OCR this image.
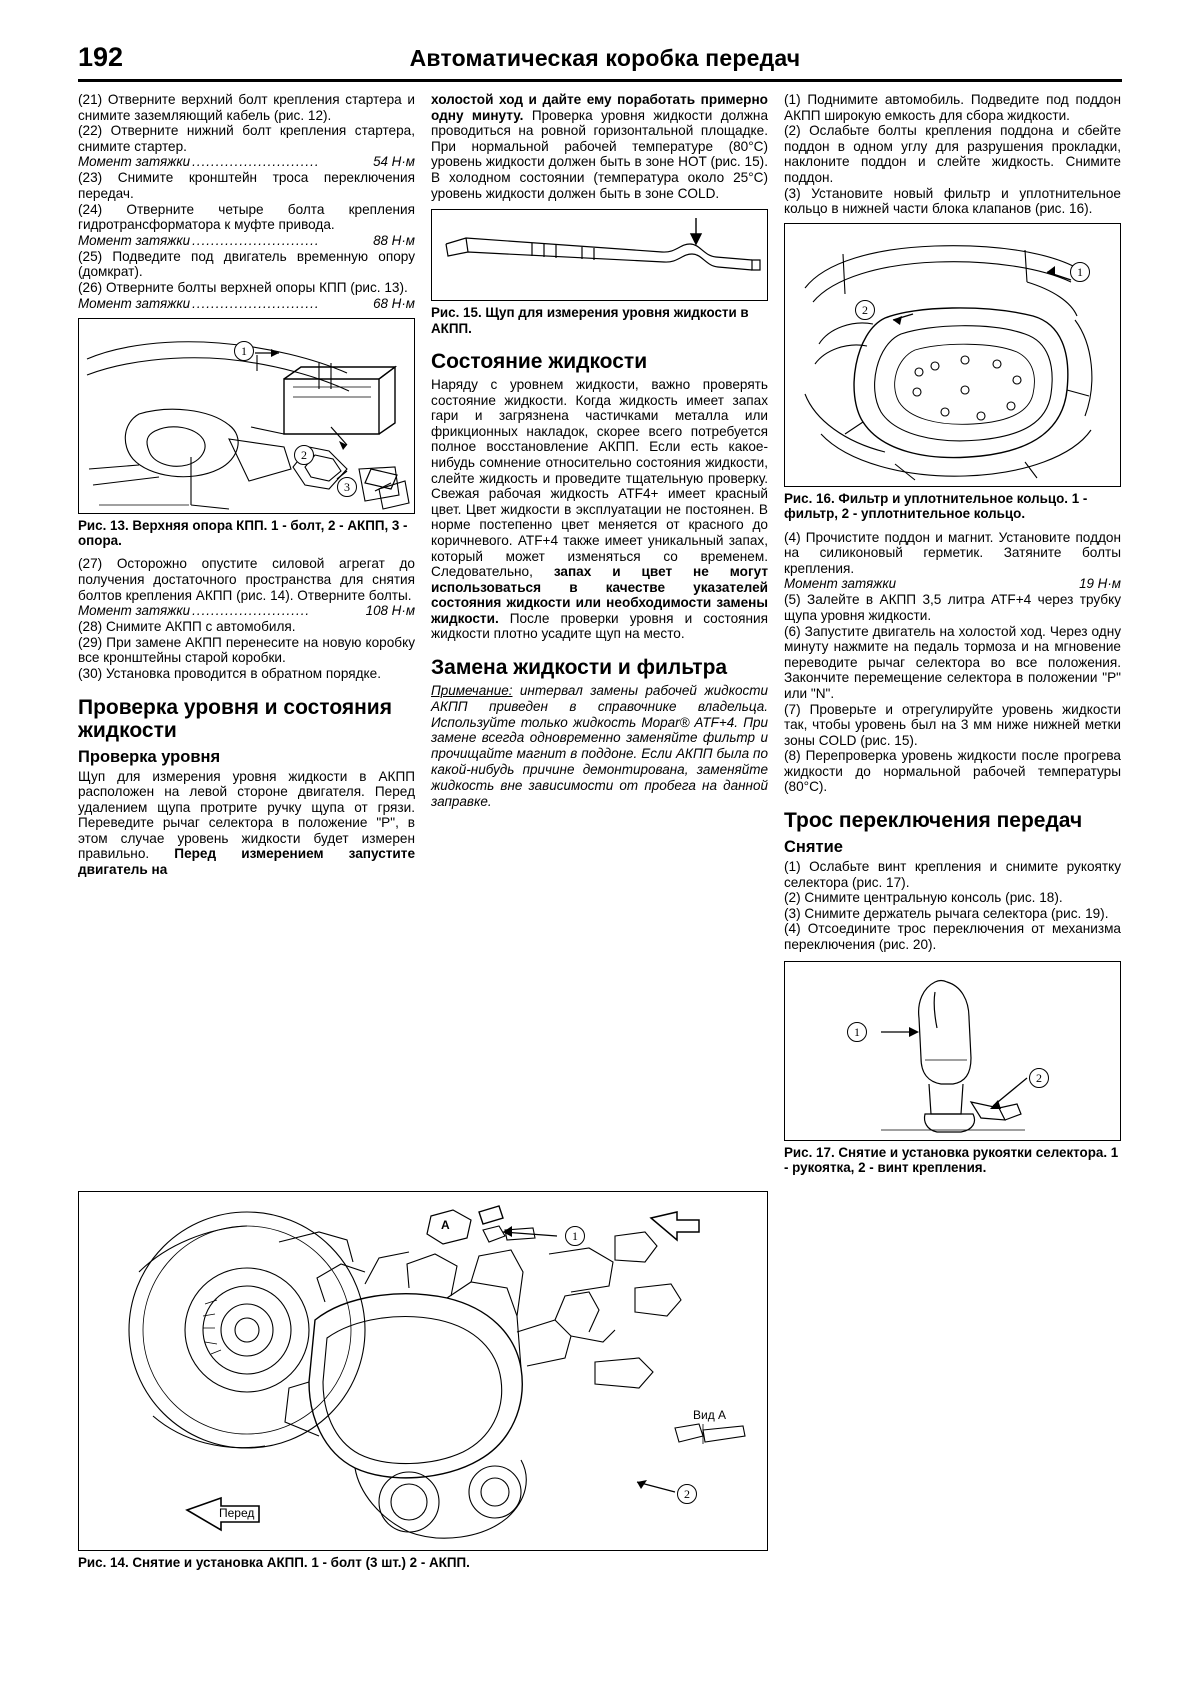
192	Автоматическая коробка передач

(21) Отверните верхний болт крепления стартера и снимите заземляющий кабель (рис. 12).

(22) Отверните нижний болт крепления стартера, снимите стартер.

Момент затяжки ...........................	54 Н·м

(23) Снимите кронштейн троса переключения передач.

(24) Отверните четыре болта крепления гидротрансформатора к муфте привода.

Момент затяжки ...........................	88 Н·м

(25) Подведите под двигатель временную опору (домкрат).

(26) Отверните болты верхней опоры КПП (рис. 13).

Момент затяжки ...........................	68 Н·м
1
2
3
Рис. 13. Верхняя опора КПП. 1 - болт, 2 - АКПП, 3 - опора.

(27) Осторожно опустите силовой агрегат до получения достаточного пространства для снятия болтов крепления АКПП (рис. 14). Отверните болты.

Момент затяжки .........................	108 Н·м

(28) Снимите АКПП с автомобиля.

(29) При замене АКПП перенесите на новую коробку все кронштейны старой коробки.

(30) Установка проводится в обратном порядке.

Проверка уровня и состояния жидкости
Проверка уровня
Щуп для измерения уровня жидкости в АКПП расположен на левой стороне двигателя. Перед удалением щупа протрите ручку щупа от грязи. Переведите рычаг селектора в положение "Р", в этом случае уровень жидкости будет измерен правильно. Перед измерением запустите двигатель на
холостой ход и дайте ему поработать примерно одну минуту. Проверка уровня жидкости должна проводиться на ровной горизонтальной площадке. При нормальной рабочей температуре (80°С) уровень жидкости должен быть в зоне HOT (рис. 15). В холодном состоянии (температура около 25°С) уровень жидкости должен быть в зоне COLD.
Рис. 15. Щуп для измерения уровня жидкости в АКПП.
Состояние жидкости
Наряду с уровнем жидкости, важно проверять состояние жидкости. Когда жидкость имеет запах гари и загрязнена частичками металла или фрикционных накладок, скорее всего потребуется полное восстановление АКПП. Если есть какое-нибудь сомнение относительно состояния жидкости, слейте жидкость и проведите тщательную проверку. Свежая рабочая жидкость ATF4+ имеет красный цвет. Цвет жидкости в эксплуатации не постоянен. В норме постепенно цвет меняется от красного до коричневого. ATF+4 также имеет уникальный запах, который может изменяться со временем. Следовательно, запах и цвет не могут использоваться в качестве указателей состояния жидкости или необходимости замены жидкости. После проверки уровня и состояния жидкости плотно усадите щуп на место.
Замена жидкости и фильтра
Примечание: интервал замены рабочей жидкости АКПП приведен в справочнике владельца. Используйте только жидкость Mopar® ATF+4. При замене всегда одновременно заменяйте фильтр и прочищайте магнит в поддоне. Если АКПП была по какой-нибудь причине демонтирована, заменяйте жидкость вне зависимости от пробега на данной заправке.

(1) Поднимите автомобиль. Подведите под поддон АКПП широкую емкость для сбора жидкости.

(2) Ослабьте болты крепления поддона и сбейте поддон в одном углу для разрушения прокладки, наклоните поддон и слейте жидкость. Снимите поддон.

(3) Установите новый фильтр и уплотнительное кольцо в нижней части блока клапанов (рис. 16).

1
2
Рис. 16. Фильтр и уплотнительное кольцо. 1 - фильтр, 2 - уплотнительное кольцо.

(4) Прочистите поддон и магнит. Установите поддон на силиконовый герметик. Затяните болты крепления.

Момент затяжки
	19 Н·м

(5) Залейте в АКПП 3,5 литра ATF+4 через трубку щупа уровня жидкости.

(6) Запустите двигатель на холостой ход. Через одну минуту нажмите на педаль тормоза и на мгновение переводите рычаг селектора во все положения. Закончите перемещение селектора в положении "Р" или "N".

(7) Проверьте и отрегулируйте уровень жидкости так, чтобы уровень был на 3 мм ниже нижней метки зоны COLD (рис. 15).

(8) Перепроверка уровень жидкости после прогрева жидкости до нормальной рабочей температуры (80°С).

Трос переключения передач
Снятие

(1) Ослабьте винт крепления и снимите рукоятку селектора (рис. 17).

(2) Снимите центральную консоль (рис. 18).

(3) Снимите держатель рычага селектора (рис. 19).

(4) Отсоедините трос переключения от механизма переключения (рис. 20).

1
2
Рис. 17. Снятие и установка рукоятки селектора. 1 - рукоятка, 2 - винт крепления.
1
2
А
Вид А
Перед
Рис. 14. Снятие и установка АКПП. 1 - болт (3 шт.) 2 - АКПП.
